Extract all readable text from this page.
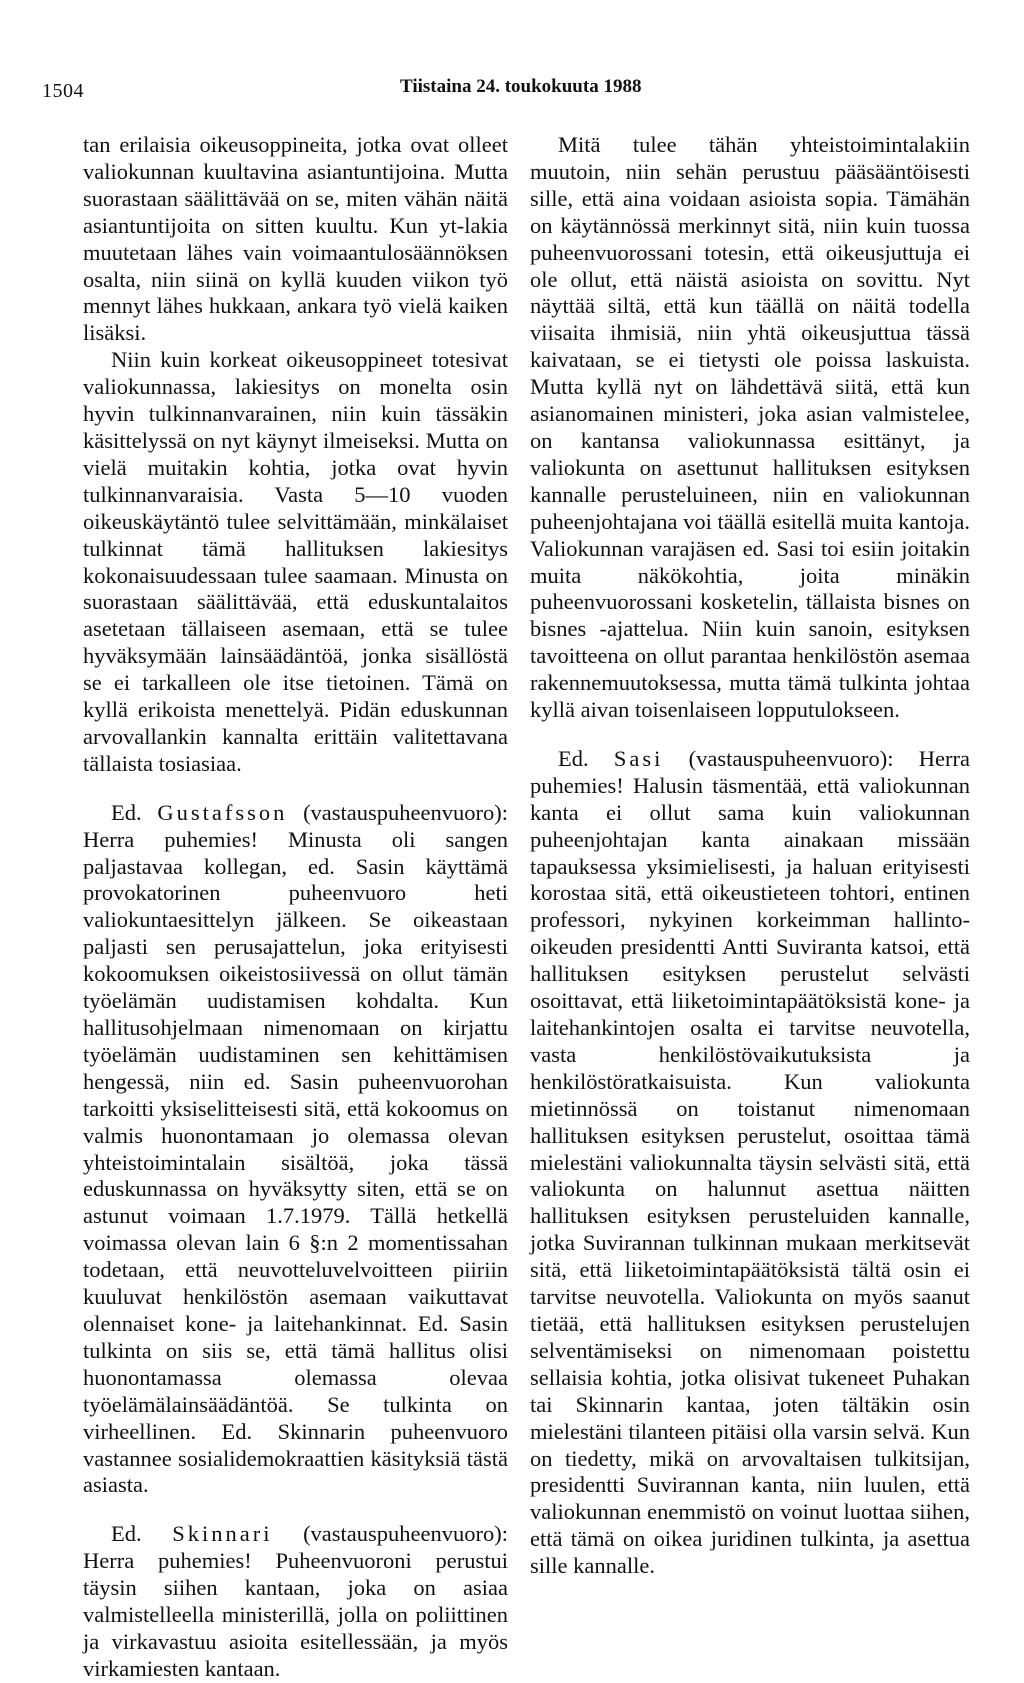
1504	Tiistaina 24. toukokuuta 1988

tan erilaisia oikeusoppineita, jotka ovat olleet valiokunnan kuultavina asiantuntijoina. Mutta suorastaan säälittävää on se, miten vähän näitä asiantuntijoita on sitten kuultu. Kun yt-lakia muutetaan lähes vain voimaantulosäännöksen osalta, niin siinä on kyllä kuuden viikon työ mennyt lähes hukkaan, ankara työ vielä kaiken lisäksi.

Niin kuin korkeat oikeusoppineet totesivat valiokunnassa, lakiesitys on monelta osin hyvin tulkinnanvarainen, niin kuin tässäkin käsittelyssä on nyt käynyt ilmeiseksi. Mutta on vielä muitakin kohtia, jotka ovat hyvin tulkinnanvaraisia. Vasta 5—10 vuoden oikeuskäytäntö tulee selvittämään, minkälaiset tulkinnat tämä hallituksen lakiesitys kokonaisuudessaan tulee saamaan. Minusta on suorastaan säälittävää, että eduskuntalaitos asetetaan tällaiseen asemaan, että se tulee hyväksymään lainsäädäntöä, jonka sisällöstä se ei tarkalleen ole itse tietoinen. Tämä on kyllä erikoista menettelyä. Pidän eduskunnan arvovallankin kannalta erittäin valitettavana tällaista tosiasiaa.

Ed. Gustafsson (vastauspuheenvuoro): Herra puhemies! Minusta oli sangen paljastavaa kollegan, ed. Sasin käyttämä provokatorinen puheenvuoro heti valiokuntaesittelyn jälkeen. Se oikeastaan paljasti sen perusajattelun, joka erityisesti kokoomuksen oikeistosiivessä on ollut tämän työelämän uudistamisen kohdalta. Kun hallitusohjelmaan nimenomaan on kirjattu työelämän uudistaminen sen kehittämisen hengessä, niin ed. Sasin puheenvuorohan tarkoitti yksiselitteisesti sitä, että kokoomus on valmis huonontamaan jo olemassa olevan yhteistoimintalain sisältöä, joka tässä eduskunnassa on hyväksytty siten, että se on astunut voimaan 1.7.1979. Tällä hetkellä voimassa olevan lain 6 §:n 2 momentissahan todetaan, että neuvotteluvelvoitteen piiriin kuuluvat henkilöstön asemaan vaikuttavat olennaiset kone- ja laitehankinnat. Ed. Sasin tulkinta on siis se, että tämä hallitus olisi huonontamassa olemassa olevaa työelämälainsäädäntöä. Se tulkinta on virheellinen. Ed. Skinnarin puheenvuoro vastannee sosialidemokraattien käsityksiä tästä asiasta.

Ed. Skinnari (vastauspuheenvuoro): Herra puhemies! Puheenvuoroni perustui täysin siihen kantaan, joka on asiaa valmistelleella ministerillä, jolla on poliittinen ja virkavastuu asioita esitellessään, ja myös virkamiesten kantaan.

Mitä tulee tähän yhteistoimintalakiin muutoin, niin sehän perustuu pääsääntöisesti sille, että aina voidaan asioista sopia. Tämähän on käytännössä merkinnyt sitä, niin kuin tuossa puheenvuorossani totesin, että oikeusjuttuja ei ole ollut, että näistä asioista on sovittu. Nyt näyttää siltä, että kun täällä on näitä todella viisaita ihmisiä, niin yhtä oikeusjuttua tässä kaivataan, se ei tietysti ole poissa laskuista. Mutta kyllä nyt on lähdettävä siitä, että kun asianomainen ministeri, joka asian valmistelee, on kantansa valiokunnassa esittänyt, ja valiokunta on asettunut hallituksen esityksen kannalle perusteluineen, niin en valiokunnan puheenjohtajana voi täällä esitellä muita kantoja. Valiokunnan varajäsen ed. Sasi toi esiin joitakin muita näkökohtia, joita minäkin puheenvuorossani kosketelin, tällaista bisnes on bisnes -ajattelua. Niin kuin sanoin, esityksen tavoitteena on ollut parantaa henkilöstön asemaa rakennemuutoksessa, mutta tämä tulkinta johtaa kyllä aivan toisenlaiseen lopputulokseen.

Ed. Sasi (vastauspuheenvuoro): Herra puhemies! Halusin täsmentää, että valiokunnan kanta ei ollut sama kuin valiokunnan puheenjohtajan kanta ainakaan missään tapauksessa yksimielisesti, ja haluan erityisesti korostaa sitä, että oikeustieteen tohtori, entinen professori, nykyinen korkeimman hallinto-oikeuden presidentti Antti Suviranta katsoi, että hallituksen esityksen perustelut selvästi osoittavat, että liiketoimintapäätöksistä kone- ja laitehankintojen osalta ei tarvitse neuvotella, vasta henkilöstövaikutuksista ja henkilöstöratkaisuista. Kun valiokunta mietinnössä on toistanut nimenomaan hallituksen esityksen perustelut, osoittaa tämä mielestäni valiokunnalta täysin selvästi sitä, että valiokunta on halunnut asettua näitten hallituksen esityksen perusteluiden kannalle, jotka Suvirannan tulkinnan mukaan merkitsevät sitä, että liiketoimintapäätöksistä tältä osin ei tarvitse neuvotella. Valiokunta on myös saanut tietää, että hallituksen esityksen perustelujen selventämiseksi on nimenomaan poistettu sellaisia kohtia, jotka olisivat tukeneet Puhakan tai Skinnarin kantaa, joten tältäkin osin mielestäni tilanteen pitäisi olla varsin selvä. Kun on tiedetty, mikä on arvovaltaisen tulkitsijan, presidentti Suvirannan kanta, niin luulen, että valiokunnan enemmistö on voinut luottaa siihen, että tämä on oikea juridinen tulkinta, ja asettua sille kannalle.
